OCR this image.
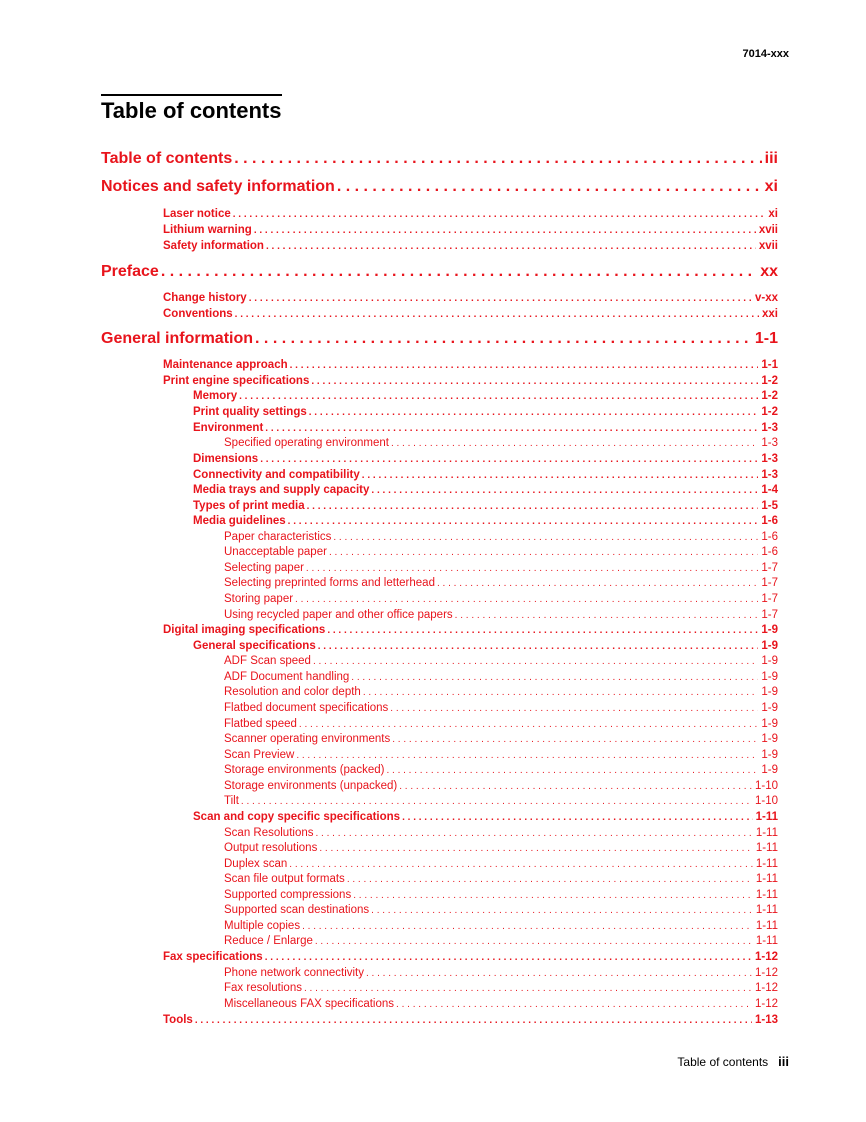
7014-xxx
Table of contents
Table of contents . . .	iii
Notices and safety information . . .	xi
Laser notice . . .	xi
Lithium warning . . .	xvii
Safety information . . .	xvii
Preface . . .	xx
Change history . . .	v-xx
Conventions . . .	xxi
General information . . .	1-1
Maintenance approach . . .	1-1
Print engine specifications . . .	1-2
Memory . . .	1-2
Print quality settings . . .	1-2
Environment . . .	1-3
Specified operating environment . . .	1-3
Dimensions . . .	1-3
Connectivity and compatibility . . .	1-3
Media trays and supply capacity . . .	1-4
Types of print media . . .	1-5
Media guidelines . . .	1-6
Paper characteristics . . .	1-6
Unacceptable paper . . .	1-6
Selecting paper . . .	1-7
Selecting preprinted forms and letterhead . . .	1-7
Storing paper . . .	1-7
Using recycled paper and other office papers . . .	1-7
Digital imaging specifications . . .	1-9
General specifications . . .	1-9
ADF Scan speed . . .	1-9
ADF Document handling . . .	1-9
Resolution and color depth . . .	1-9
Flatbed document specifications . . .	1-9
Flatbed speed . . .	1-9
Scanner operating environments . . .	1-9
Scan Preview . . .	1-9
Storage environments (packed) . . .	1-9
Storage environments (unpacked) . . .	1-10
Tilt . . .	1-10
Scan and copy specific specifications . . .	1-11
Scan Resolutions . . .	1-11
Output resolutions . . .	1-11
Duplex scan . . .	1-11
Scan file output formats . . .	1-11
Supported compressions . . .	1-11
Supported scan destinations . . .	1-11
Multiple copies . . .	1-11
Reduce / Enlarge . . .	1-11
Fax specifications . . .	1-12
Phone network connectivity . . .	1-12
Fax resolutions . . .	1-12
Miscellaneous FAX specifications . . .	1-12
Tools . . .	1-13
Table of contents iii
